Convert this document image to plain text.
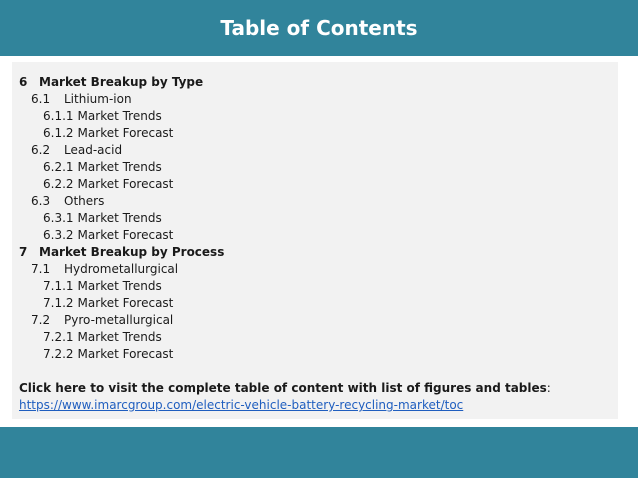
Table of Contents
6 Market Breakup by Type
6.1 Lithium-ion
6.1.1 Market Trends
6.1.2 Market Forecast
6.2 Lead-acid
6.2.1 Market Trends
6.2.2 Market Forecast
6.3 Others
6.3.1 Market Trends
6.3.2 Market Forecast
7 Market Breakup by Process
7.1 Hydrometallurgical
7.1.1 Market Trends
7.1.2 Market Forecast
7.2 Pyro-metallurgical
7.2.1 Market Trends
7.2.2 Market Forecast
Click here to visit the complete table of content with list of figures and tables:
https://www.imarcgroup.com/electric-vehicle-battery-recycling-market/toc
